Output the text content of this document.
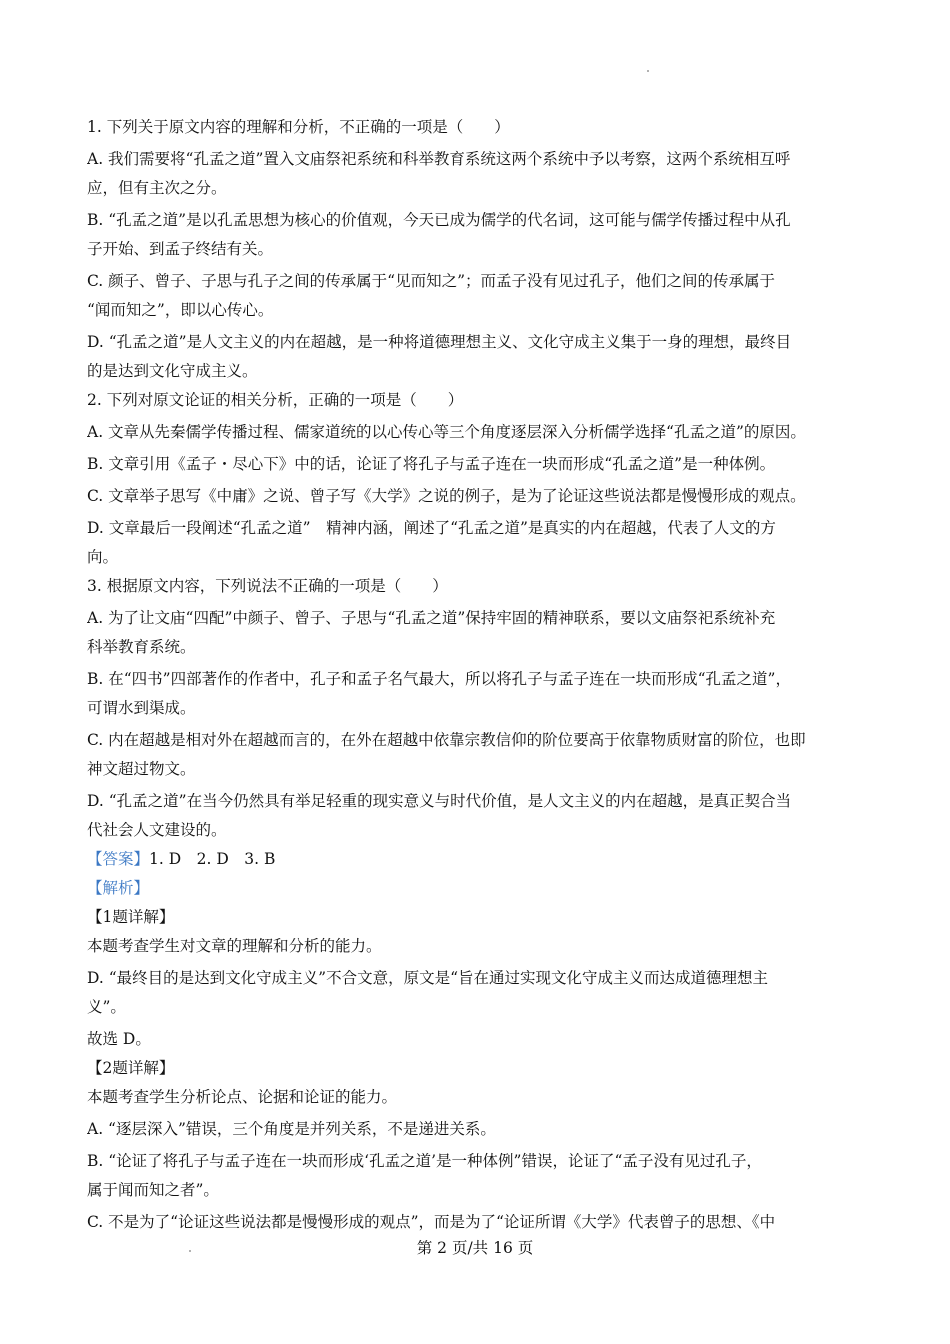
1. 下列关于原文内容的理解和分析，不正确的一项是（　　）
A. 我们需要将“孔孟之道”置入文庙祭祀系统和科举教育系统这两个系统中予以考察，这两个系统相互呼
应，但有主次之分。
B. “孔孟之道”是以孔孟思想为核心的价值观，今天已成为儒学的代名词，这可能与儒学传播过程中从孔
子开始、到孟子终结有关。
C. 颜子、曾子、子思与孔子之间的传承属于“见而知之”；而孟子没有见过孔子，他们之间的传承属于
“闻而知之”，即以心传心。
D. “孔孟之道”是人文主义的内在超越，是一种将道德理想主义、文化守成主义集于一身的理想，最终目
的是达到文化守成主义。
2. 下列对原文论证的相关分析，正确的一项是（　　）
A. 文章从先秦儒学传播过程、儒家道统的以心传心等三个角度逐层深入分析儒学选择“孔孟之道”的原因。
B. 文章引用《孟子・尽心下》中的话，论证了将孔子与孟子连在一块而形成“孔孟之道”是一种体例。
C. 文章举子思写《中庸》之说、曾子写《大学》之说的例子，是为了论证这些说法都是慢慢形成的观点。
D. 文章最后一段阐述“孔孟之道”　精神内涵，阐述了“孔孟之道”是真实的内在超越，代表了人文的方
向。
3. 根据原文内容，下列说法不正确的一项是（　　）
A. 为了让文庙“四配”中颜子、曾子、子思与“孔孟之道”保持牢固的精神联系，要以文庙祭祀系统补充
科举教育系统。
B. 在“四书”四部著作的作者中，孔子和孟子名气最大，所以将孔子与孟子连在一块而形成“孔孟之道”，
可谓水到渠成。
C. 内在超越是相对外在超越而言的，在外在超越中依靠宗教信仰的阶位要高于依靠物质财富的阶位，也即
神文超过物文。
D. “孔孟之道”在当今仍然具有举足轻重的现实意义与时代价值，是人文主义的内在超越，是真正契合当
代社会人文建设的。
【答案】1. D　2. D　3. B
【解析】
【1题详解】
本题考查学生对文章的理解和分析的能力。
D. “最终目的是达到文化守成主义”不合文意，原文是“旨在通过实现文化守成主义而达成道德理想主
义”。
故选 D。
【2题详解】
本题考查学生分析论点、论据和论证的能力。
A. “逐层深入”错误，三个角度是并列关系，不是递进关系。
B. “论证了将孔子与孟子连在一块而形成‘孔孟之道’是一种体例”错误，论证了“孟子没有见过孔子，
属于闻而知之者”。
C. 不是为了“论证这些说法都是慢慢形成的观点”，而是为了“论证所谓《大学》代表曾子的思想、《中
第 2 页/共 16 页
